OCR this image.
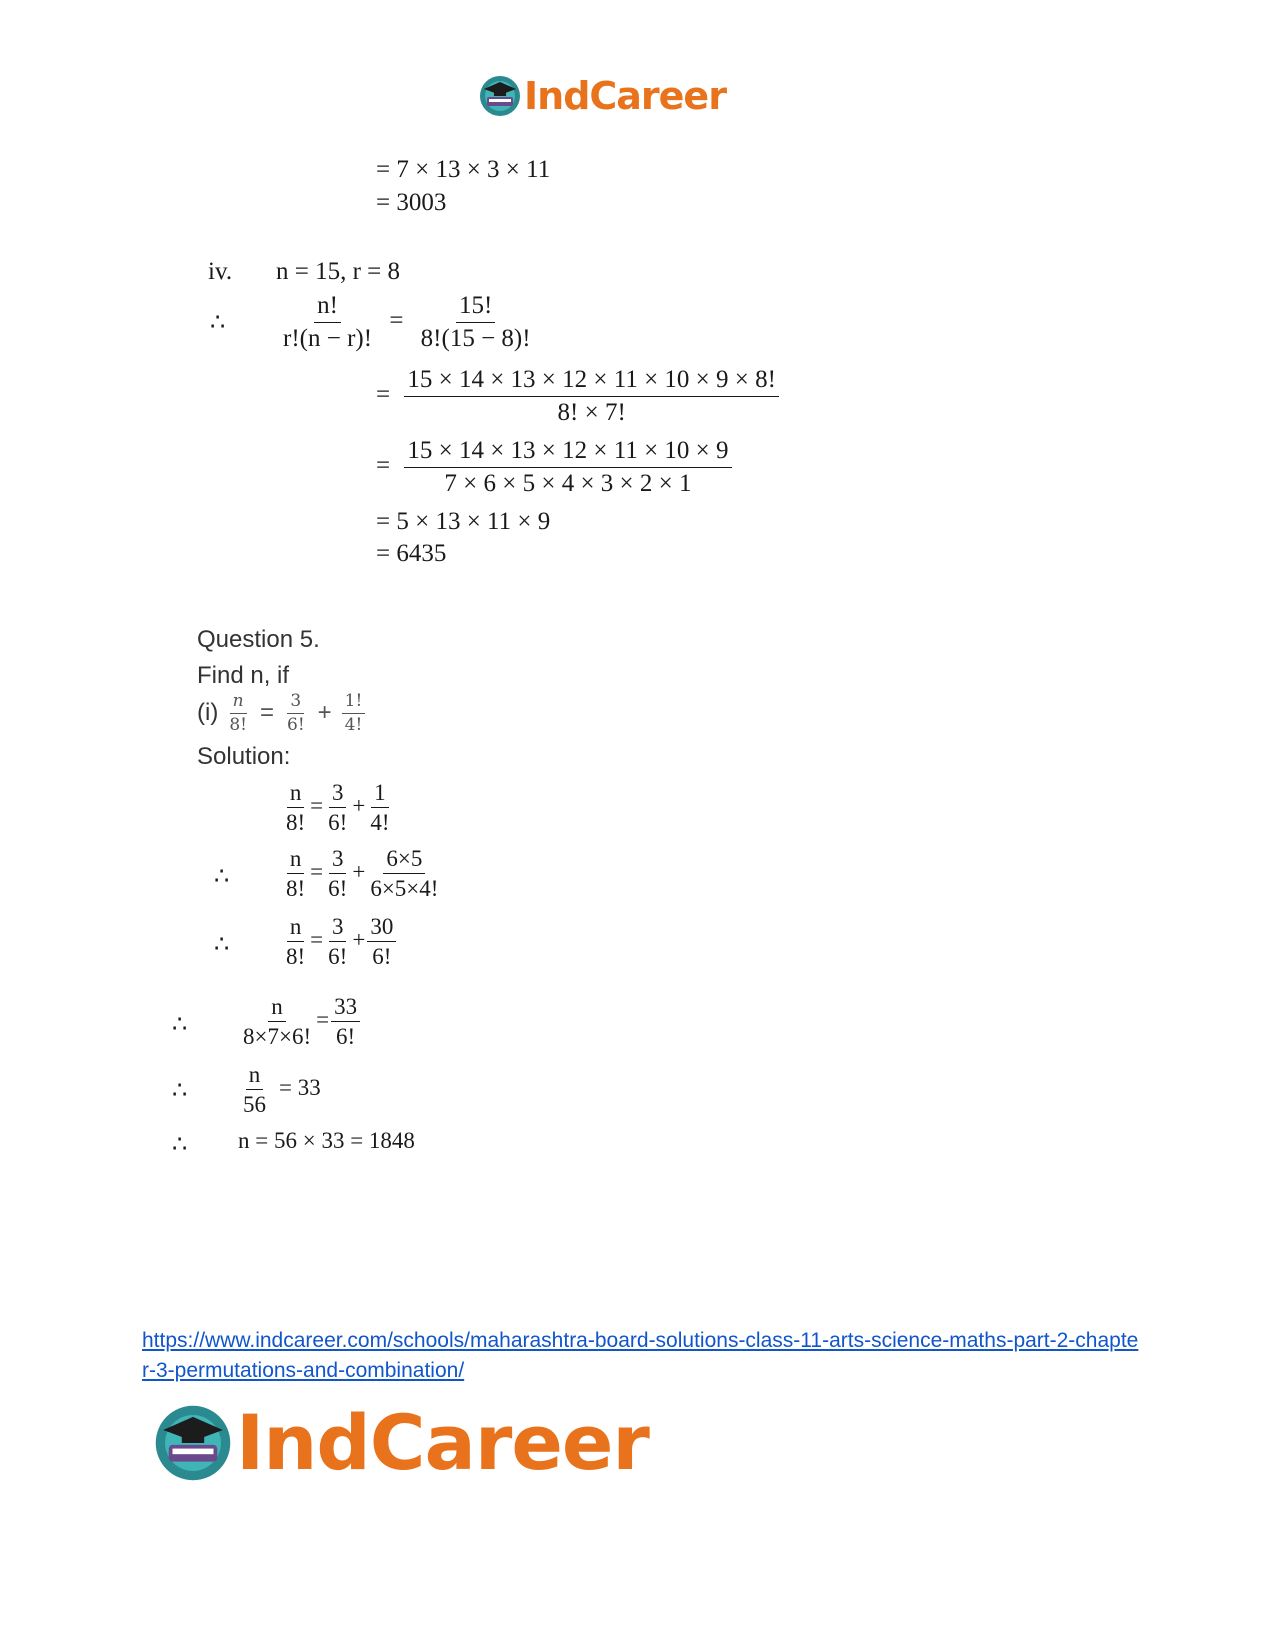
IndCareer
= 7 × 13 × 3 × 11
= 3003
iv. n = 15, r = 8
∴ $\frac{n!}{r!(n - r)!} = \frac{15!}{8!(15 - 8)!}$
= $\frac{15 \times 14 \times 13 \times 12 \times 11 \times 10 \times 9 \times 8!}{8! \times 7!}$
= $\frac{15 \times 14 \times 13 \times 12 \times 11 \times 10 \times 9}{7 \times 6 \times 5 \times 4 \times 3 \times 2 \times 1}$
= 5 × 13 × 11 × 9
= 6435
Question 5.
Find n, if
$(i) \frac{n}{8!} = \frac{3}{6!} + \frac{1!}{4!}$
Solution:
$\frac{n}{8!} = \frac{3}{6!} + \frac{1}{4!}$
∴ $\frac{n}{8!} = \frac{3}{6!} + \frac{6\times 5}{6\times 5\times 4!}$
∴ $\frac{n}{8!} = \frac{3}{6!} + \frac{30}{6!}$
∴ $\frac{n}{8\times 7\times 6!} = \frac{33}{6!}$
∴ $\frac{n}{56} = 33$
∴ n = 56 × 33 = 1848
https://www.indcareer.com/schools/maharashtra-board-solutions-class-11-arts-science-maths-part-2-chapter-3-permutations-and-combination/
IndCareer
